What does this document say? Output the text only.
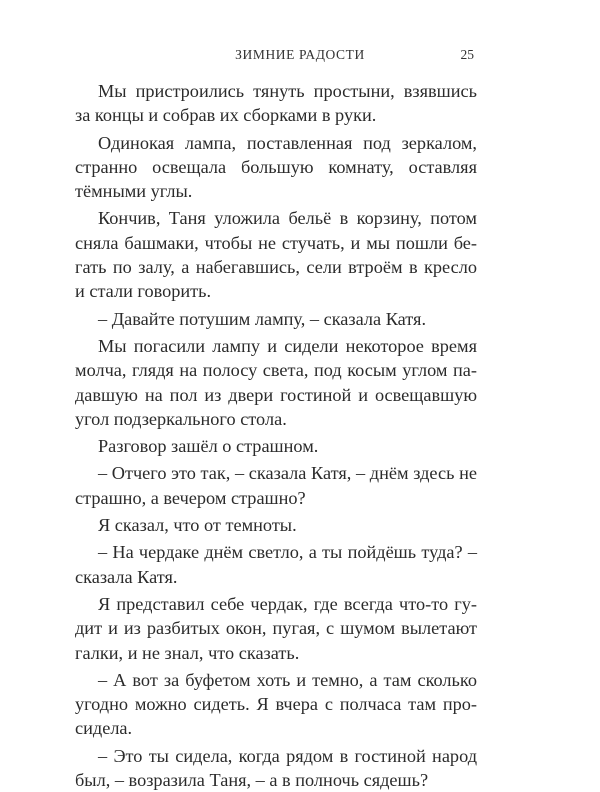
ЗИМНИЕ РАДОСТИ	25
Мы пристроились тянуть простыни, взявшись
за концы и собрав их сборками в руки.
Одинокая лампа, поставленная под зеркалом,
странно освещала большую комнату, оставляя
тёмными углы.
Кончив, Таня уложила бельё в корзину, потом
сняла башмаки, чтобы не стучать, и мы пошли бе-
гать по залу, а набегавшись, сели втроём в кресло
и стали говорить.
– Давайте потушим лампу, – сказала Катя.
Мы погасили лампу и сидели некоторое время
молча, глядя на полосу света, под косым углом па-
давшую на пол из двери гостиной и освещавшую
угол подзеркального стола.
Разговор зашёл о страшном.
– Отчего это так, – сказала Катя, – днём здесь не
страшно, а вечером страшно?
Я сказал, что от темноты.
– На чердаке днём светло, а ты пойдёшь туда? –
сказала Катя.
Я представил себе чердак, где всегда что-то гу-
дит и из разбитых окон, пугая, с шумом вылетают
галки, и не знал, что сказать.
– А вот за буфетом хоть и темно, а там сколько
угодно можно сидеть. Я вчера с полчаса там про-
сидела.
– Это ты сидела, когда рядом в гостиной народ
был, – возразила Таня, – а в полночь сядешь?
